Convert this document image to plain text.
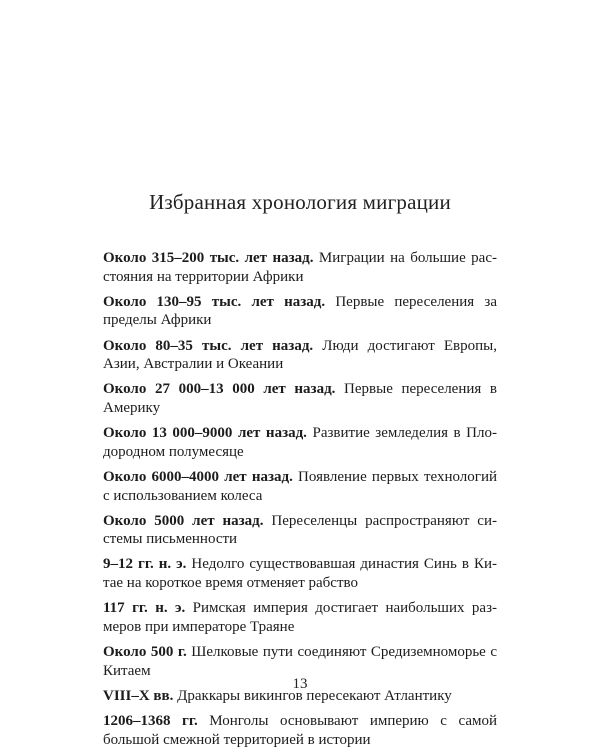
Избранная хронология миграции

Около 315–200 тыс. лет назад. Миграции на большие расстояния на территории Африки

Около 130–95 тыс. лет назад. Первые переселения за пределы Африки

Около 80–35 тыс. лет назад. Люди достигают Европы, Азии, Австралии и Океании

Около 27 000–13 000 лет назад. Первые переселения в Америку

Около 13 000–9000 лет назад. Развитие земледелия в Плодородном полумесяце

Около 6000–4000 лет назад. Появление первых технологий с использованием колеса

Около 5000 лет назад. Переселенцы распространяют системы письменности

9–12 гг. н. э. Недолго существовавшая династия Синь в Китае на короткое время отменяет рабство

117 гг. н. э. Римская империя достигает наибольших размеров при императоре Траяне

Около 500 г. Шелковые пути соединяют Средиземноморье с Китаем

VIII–X вв. Драккары викингов пересекают Атлантику

1206–1368 гг. Монголы основывают империю с самой большой смежной территорией в истории

13
